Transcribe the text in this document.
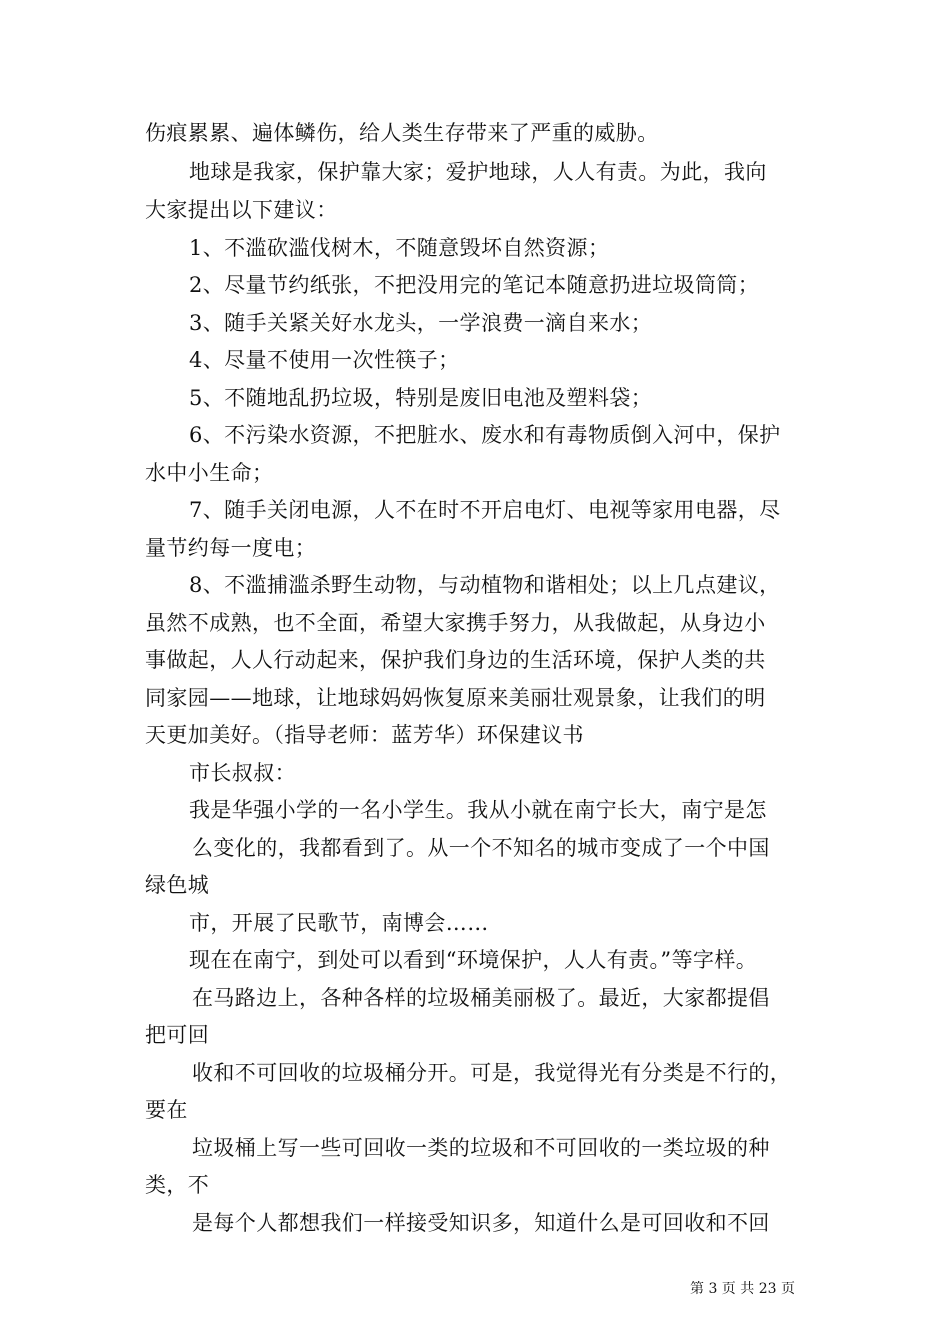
伤痕累累、遍体鳞伤，给人类生存带来了严重的威胁。
地球是我家，保护靠大家；爱护地球，人人有责。为此，我向
大家提出以下建议：
1、不滥砍滥伐树木，不随意毁坏自然资源；
2、尽量节约纸张，不把没用完的笔记本随意扔进垃圾筒筒；
3、随手关紧关好水龙头，一学浪费一滴自来水；
4、尽量不使用一次性筷子；
5、不随地乱扔垃圾，特别是废旧电池及塑料袋；
6、不污染水资源，不把脏水、废水和有毒物质倒入河中，保护
水中小生命；
7、随手关闭电源，人不在时不开启电灯、电视等家用电器，尽
量节约每一度电；
8、不滥捕滥杀野生动物，与动植物和谐相处；以上几点建议，
虽然不成熟，也不全面，希望大家携手努力，从我做起，从身边小
事做起，人人行动起来，保护我们身边的生活环境，保护人类的共
同家园——地球，让地球妈妈恢复原来美丽壮观景象，让我们的明
天更加美好。（指导老师：蓝芳华）环保建议书
市长叔叔：
我是华强小学的一名小学生。我从小就在南宁长大，南宁是怎
么变化的，我都看到了。从一个不知名的城市变成了一个中国
绿色城
市，开展了民歌节，南博会……
现在在南宁，到处可以看到“环境保护，人人有责。”等字样。
在马路边上，各种各样的垃圾桶美丽极了。最近，大家都提倡
把可回
收和不可回收的垃圾桶分开。可是，我觉得光有分类是不行的，
要在
垃圾桶上写一些可回收一类的垃圾和不可回收的一类垃圾的种
类，不
是每个人都想我们一样接受知识多，知道什么是可回收和不回
第 3 页 共 23 页
